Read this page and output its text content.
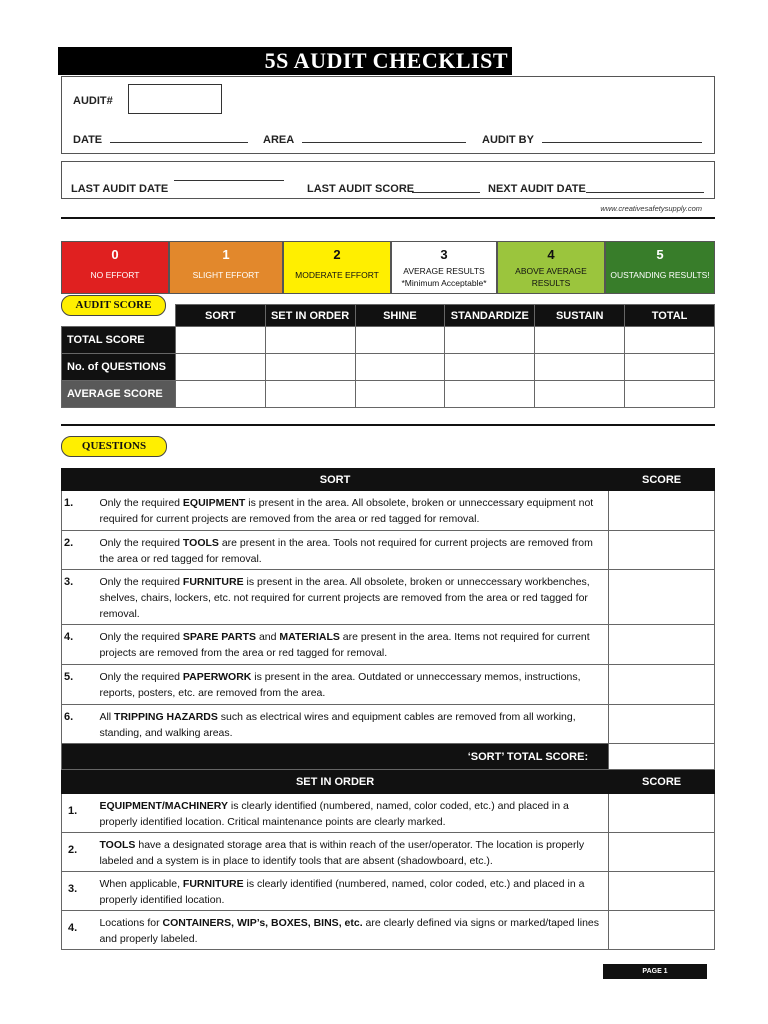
5S AUDIT CHECKLIST
AUDIT#
DATE	AREA	AUDIT BY
LAST AUDIT DATE	LAST AUDIT SCORE	NEXT AUDIT DATE
www.creativesafetysupply.com
0
NO EFFORT
1
SLIGHT EFFORT
2
MODERATE EFFORT
3
AVERAGE RESULTS
*Minimum Acceptable*
4
ABOVE AVERAGE
RESULTS
5
OUSTANDING RESULTS!
AUDIT SCORE
	SORT	SET IN ORDER	SHINE	STANDARDIZE	SUSTAIN	TOTAL
TOTAL SCORE						
No. of QUESTIONS						
AVERAGE SCORE						
QUESTIONS
SORT		SCORE
1.	Only the required EQUIPMENT is present in the area. All obsolete, broken or unneccessary equipment not required for current projects are removed from the area or red tagged for removal.	
2.	Only the required TOOLS are present in the area. Tools not required for current projects are removed from the area or red tagged for removal.	
3.	Only the required FURNITURE is present in the area. All obsolete, broken or unneccessary workbenches, shelves, chairs, lockers, etc. not required for current projects are removed from the area or red tagged for removal.	
4.	Only the required SPARE PARTS and MATERIALS are present in the area. Items not required for current projects are removed from the area or red tagged for removal.	
5.	Only the required PAPERWORK is present in the area. Outdated or unneccessary memos, instructions, reports, posters, etc. are removed from the area.	
6.	All TRIPPING HAZARDS such as electrical wires and equipment cables are removed from all working, standing, and walking areas.	
‘SORT’ TOTAL SCORE:		
SET IN ORDER		SCORE
1.	EQUIPMENT/MACHINERY is clearly identified (numbered, named, color coded, etc.) and placed in a properly identified location. Critical maintenance points are clearly marked.	
2.	TOOLS have a designated storage area that is within reach of the user/operator. The location is properly labeled and a system is in place to identify tools that are absent (shadowboard, etc.).	
3.	When applicable, FURNITURE is clearly identified (numbered, named, color coded, etc.) and placed in a properly identified location.	
4.	Locations for CONTAINERS, WIP’s, BOXES, BINS, etc. are clearly defined via signs or marked/taped lines and properly labeled.	
PAGE 1
